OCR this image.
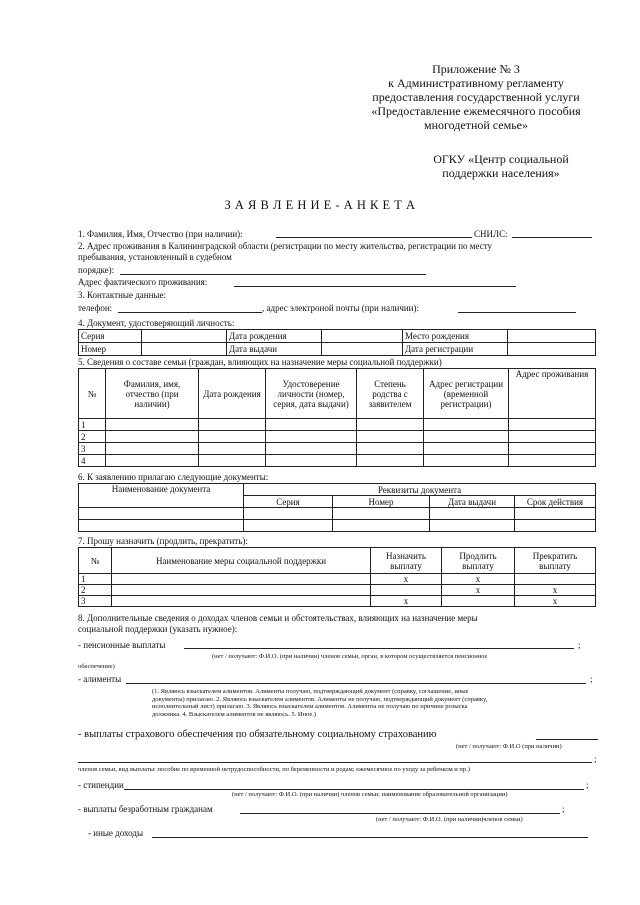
Приложение № 3
к Административному регламенту
предоставления государственной услуги
«Предоставление ежемесячного пособия
многодетной семье»
ОГКУ «Центр социальной
поддержки населения»
З А Я В Л Е Н И Е - А Н К Е Т А
1. Фамилия, Имя, Отчество (при наличии):	СНИЛС:
2. Адрес проживания в Калининградской области (регистрации по месту жительства, регистрации по месту
пребывания, установленный в судебном
порядке):
Адрес фактического проживания:
3. Контактные данные:
телефон:	, адрес электроной почты (при наличии):
4. Документ, удостоверяющий личность:
Серия		Дата рождения		Место рождения	
Номер		Дата выдачи		Дата регистрации	
5. Сведения о составе семьи (граждан, влияющих на назначение меры социальной поддержки)
№	Фамилия, имя, отчество (при наличии)	Дата рождения	Удостоверение личности (номер, серия, дата выдачи)	Степень родства с заявителем	Адрес регистрации (временной регистрации)	Адрес проживания
1						
2						
3						
4						
6. К заявлению прилагаю следующие документы:
Наименование документа	Реквизиты документа			
	Серия	Номер	Дата выдачи	Срок действия

7. Прошу назначить (продлить, прекратить):
№	Наименование меры социальной поддержки	Назначить выплату	Продлить выплату	Прекратить выплату
1		x	x	
2			x	x
3		x		x
8. Дополнительные сведения о доходах членов семьи и обстоятельствах, влияющих на назначение меры
социальной поддержки (указать нужное):
- пенсионные выплаты	;
(нет / получают: Ф.И.О. (при наличии) членов семьи, орган, в котором осуществляется пенсионное
обеспечение)
- алименты	;
(1. Являюсь взыскателем алиментов. Алименты получаю, подтверждающий документ (справку, соглашение, иные
документы) прилагаю. 2. Являюсь взыскателем алиментов. Алименты не получаю, подтверждающий документ (справку,
исполнительный лист) прилагаю. 3. Являюсь взыскателем алиментов. Алименты не получаю по причине розыска
должника. 4. Взыскателем алиментов не являюсь. 5. Иное.)
- выплаты страхового обеспечения по обязательному социальному страхованию
(нет / получают: Ф.И.О (при наличии)
;
членов семьи, вид выплаты: пособие по временной нетрудоспособности, по беременности и родам; ежемесячное по уходу за ребенком и пр.)
- стипендии	;
(нет / получают: Ф.И.О. (при наличии) членов семьи; наименование образовательной организации)
- выплаты безработным гражданам	;
(нет / получают: Ф.И.О. (при наличии)членов семьи)
- иные доходы
